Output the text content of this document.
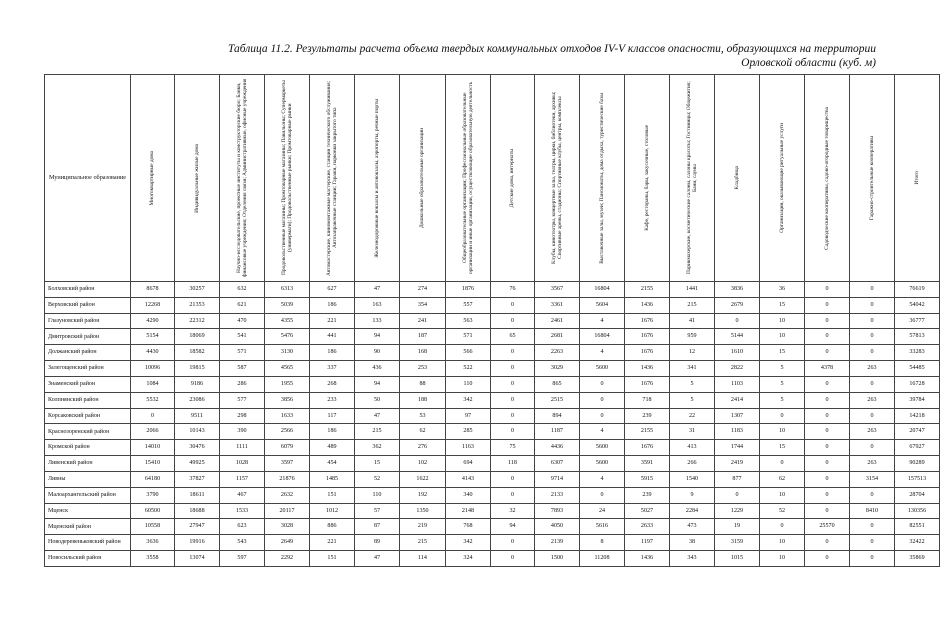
Таблица 11.2. Результаты расчета объема твердых коммунальных отходов IV-V классов опасности, образующихся на территории
Орловской области (куб. м)
Муниципальное образование	Многоквартирные дома	Индивидуальные жилые дома	Научно-исследовательские, проектные институты и конструкторские бюро; Банки, финансовые учреждения; Отделения связи; Административные, офисные учреждения	Продовольственные магазины; Промтоварные магазины; Павильоны; Супермаркеты (универмаги); Продовольственные рынки; Промтоварные рынки	Автомастерские, шиномонтажные мастерские, станции технического обслуживания; Автозаправочные станции; Гаражи, парковки закрытого типа	Железнодорожные вокзалы и автовокзалы, аэропорты, речные порты	Дошкольные образовательные организации	Общеобразовательные организации; Профессиональные образовательные организации и иные организации, осуществляющие образовательную деятельность	Детские дома, интернаты	Клубы, кинотеатры, концертные залы, театры, цирки, библиотеки, архивы; Спортивные арены, стадионы; Спортивные клубы, центры, комплексы	Выставочные залы, музеи; Пансионаты, дома отдыха, туристические базы	Кафе, рестораны, бары, закусочные, столовые	Парикмахерские, косметические салоны, салоны красоты; Гостиницы; Общежития; Бани, сауны	Кладбища	Организации, оказывающие ритуальные услуги	Садоводческие кооперативы, садово-огородные товарищества	Гаражно-строительные кооперативы	Итого

Болховский район	8678	30257	632	6313	627	47	274	1876	76	3567	16804	2155	1441	3836	36	0	0	76619
Верховский район	12268	21353	621	5039	186	163	354	557	0	3361	5604	1436	215	2679	15	0	0	54042
Глазуновский район	4290	22312	470	4355	221	133	241	563	0	2461	4	1676	41	0	10	0	0	36777
Дмитровский район	5154	18069	541	5476	441	94	187	571	65	2681	16804	1676	959	5144	10	0	0	57813
Должанский район	4430	18582	571	3130	186	90	168	566	0	2263	4	1676	12	1610	15	0	0	33283
Залегощенский район	10096	19815	587	4565	337	436	253	522	0	3029	5600	1436	341	2822	5	4378	263	54485
Знаменский район	1084	9186	286	1955	268	94	88	110	0	865	0	1676	5	1103	5	0	0	16728
Колпнянский район	5532	23086	577	3856	233	50	188	342	0	2515	0	718	5	2414	5	0	263	39784
Корсаковский район	0	9511	298	1633	117	47	53	97	0	894	0	239	22	1307	0	0	0	14218
Краснозоренский район	2066	10143	390	2566	186	215	62	285	0	1187	4	2155	31	1183	10	0	263	20747
Кромской район	14010	30476	1111	6079	489	362	276	1163	75	4436	5600	1676	413	1744	15	0	0	67927
Ливенский район	15410	49925	1028	3597	454	15	102	694	118	6307	5600	3591	266	2419	0	0	263	90289
Ливны	64180	37827	1157	21876	1485	52	1622	4143	0	9714	4	5915	1540	877	62	0	3154	157513
Малоархангельский район	3790	18611	467	2632	151	110	192	340	0	2133	0	239	9	0	10	0	0	28704
Мценск	60500	18688	1533	20117	1012	57	1350	2148	32	7893	24	5027	2284	1229	52	0	8410	130356
Мценский район	10558	27947	623	3028	886	87	219	768	94	4050	5616	2633	473	19	0	25570	0	82551
Новодеревеньковский район	3636	19916	543	2649	221	89	215	342	0	2139	8	1197	38	3159	10	0	0	32422
Новосильский район	3558	13074	597	2292	151	47	114	324	0	1500	11208	1436	343	1015	10	0	0	35869
